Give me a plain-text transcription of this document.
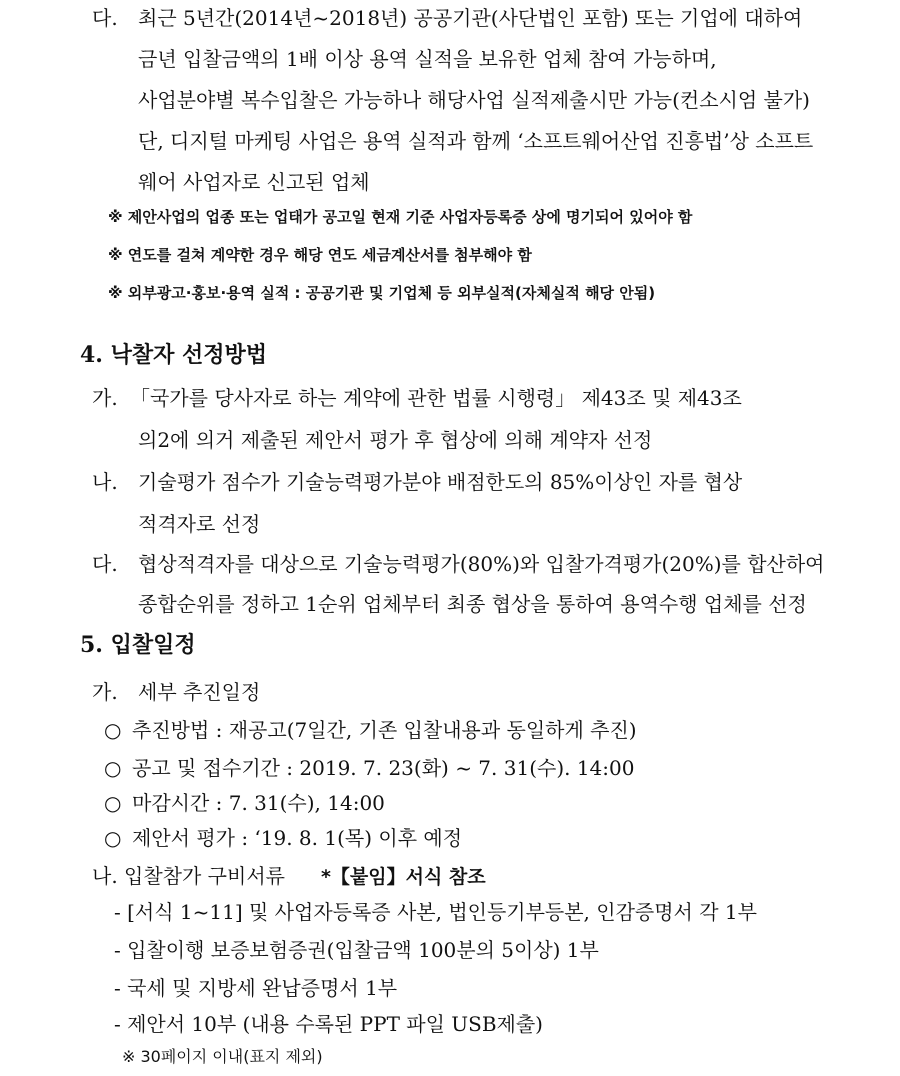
다. 최근 5년간(2014년~2018년) 공공기관(사단법인 포함) 또는 기업에 대하여
금년 입찰금액의 1배 이상 용역 실적을 보유한 업체 참여 가능하며,
사업분야별 복수입찰은 가능하나 해당사업 실적제출시만 가능(컨소시엄 불가)
단, 디지털 마케팅 사업은 용역 실적과 함께 ‘소프트웨어산업 진흥법’상 소프트
웨어 사업자로 신고된 업체
※ 제안사업의 업종 또는 업태가 공고일 현재 기준 사업자등록증 상에 명기되어 있어야 함
※ 연도를 걸쳐 계약한 경우 해당 연도 세금계산서를 첨부해야 함
※ 외부광고·홍보·용역 실적 : 공공기관 및 기업체 등 외부실적(자체실적 해당 안됨)
4. 낙찰자 선정방법
가. 「국가를 당사자로 하는 계약에 관한 법률 시행령」 제43조 및 제43조
의2에 의거 제출된 제안서 평가 후 협상에 의해 계약자 선정
나. 기술평가 점수가 기술능력평가분야 배점한도의 85%이상인 자를 협상
적격자로 선정
다. 협상적격자를 대상으로 기술능력평가(80%)와 입찰가격평가(20%)를 합산하여
종합순위를 정하고 1순위 업체부터 최종 협상을 통하여 용역수행 업체를 선정
5. 입찰일정
가. 세부 추진일정
○ 추진방법 : 재공고(7일간, 기존 입찰내용과 동일하게 추진)
○ 공고 및 접수기간 : 2019. 7. 23(화) ~ 7. 31(수). 14:00
○ 마감시간 : 7. 31(수), 14:00
○ 제안서 평가 : ‘19. 8. 1(목) 이후 예정
나. 입찰참가 구비서류 *【붙임】서식 참조
- [서식 1~11] 및 사업자등록증 사본, 법인등기부등본, 인감증명서 각 1부
- 입찰이행 보증보험증권(입찰금액 100분의 5이상) 1부
- 국세 및 지방세 완납증명서 1부
- 제안서 10부 (내용 수록된 PPT 파일 USB제출)
※ 30페이지 이내(표지 제외)
